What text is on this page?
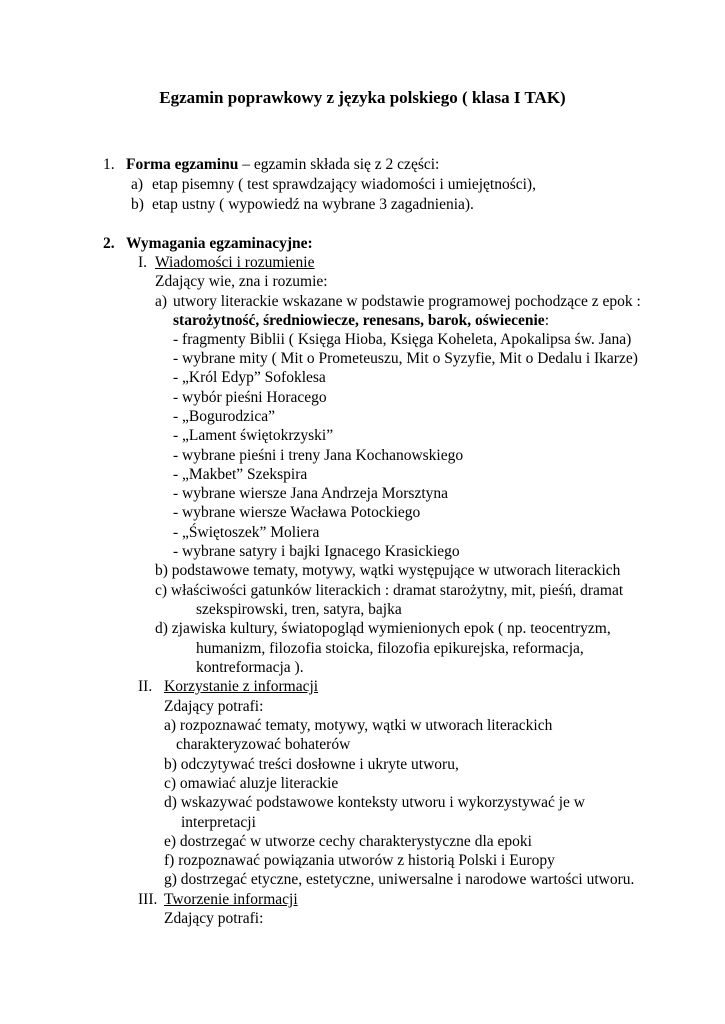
Egzamin poprawkowy z języka polskiego ( klasa I TAK)
1. Forma egzaminu – egzamin składa się z 2 części:
a) etap pisemny ( test sprawdzający wiadomości i umiejętności),
b) etap ustny ( wypowiedź na wybrane 3 zagadnienia).
2. Wymagania egzaminacyjne:
I. Wiadomości i rozumienie
Zdający wie, zna i rozumie:
a) utwory literackie wskazane w podstawie programowej pochodzące z epok :
starożytność, średniowiecze, renesans, barok, oświecenie:
- fragmenty Biblii ( Księga Hioba, Księga Koheleta, Apokalipsa św. Jana)
- wybrane mity ( Mit o Prometeuszu, Mit o Syzyfie, Mit o Dedalu i Ikarze)
- „Król Edyp” Sofoklesa
- wybór pieśni Horacego
- „Bogurodzica”
- „Lament świętokrzyski”
- wybrane pieśni i treny Jana Kochanowskiego
- „Makbet” Szekspira
- wybrane wiersze Jana Andrzeja Morsztyna
- wybrane wiersze Wacława Potockiego
- „Świętoszek” Moliera
- wybrane satyry i bajki Ignacego Krasickiego
b) podstawowe tematy, motywy, wątki występujące w utworach literackich
c) właściwości gatunków literackich : dramat starożytny, mit, pieśń, dramat
szekspirowski, tren, satyra, bajka
d) zjawiska kultury, światopogląd wymienionych epok ( np. teocentryzm,
humanizm, filozofia stoicka, filozofia epikurejska, reformacja,
kontreformacja ).
II. Korzystanie z informacji
Zdający potrafi:
a) rozpoznawać tematy, motywy, wątki w utworach literackich
charakteryzować bohaterów
b) odczytywać treści dosłowne i ukryte utworu,
c) omawiać aluzje literackie
d) wskazywać podstawowe konteksty utworu i wykorzystywać je w
interpretacji
e) dostrzegać w utworze cechy charakterystyczne dla epoki
f) rozpoznawać powiązania utworów z historią Polski i Europy
g) dostrzegać etyczne, estetyczne, uniwersalne i narodowe wartości utworu.
III. Tworzenie informacji
Zdający potrafi:
